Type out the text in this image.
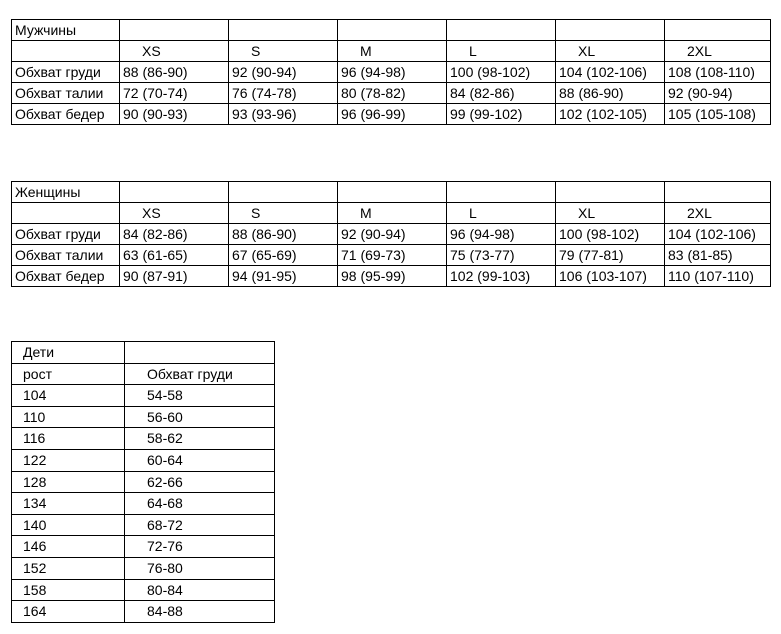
Мужчины						
	XS	S	M	L	XL	2XL
Обхват груди	88 (86-90)	92 (90-94)	96 (94-98)	100 (98-102)	104 (102-106)	108 (108-110)
Обхват талии	72 (70-74)	76 (74-78)	80 (78-82)	84 (82-86)	88 (86-90)	92 (90-94)
Обхват бедер	90 (90-93)	93 (93-96)	96 (96-99)	99 (99-102)	102 (102-105)	105 (105-108)
Женщины						
	XS	S	M	L	XL	2XL
Обхват груди	84 (82-86)	88 (86-90)	92 (90-94)	96 (94-98)	100 (98-102)	104 (102-106)
Обхват талии	63 (61-65)	67 (65-69)	71 (69-73)	75 (73-77)	79 (77-81)	83 (81-85)
Обхват бедер	90 (87-91)	94 (91-95)	98 (95-99)	102 (99-103)	106 (103-107)	110 (107-110)
Дети	
рост	Обхват груди
104	54-58
110	56-60
116	58-62
122	60-64
128	62-66
134	64-68
140	68-72
146	72-76
152	76-80
158	80-84
164	84-88
